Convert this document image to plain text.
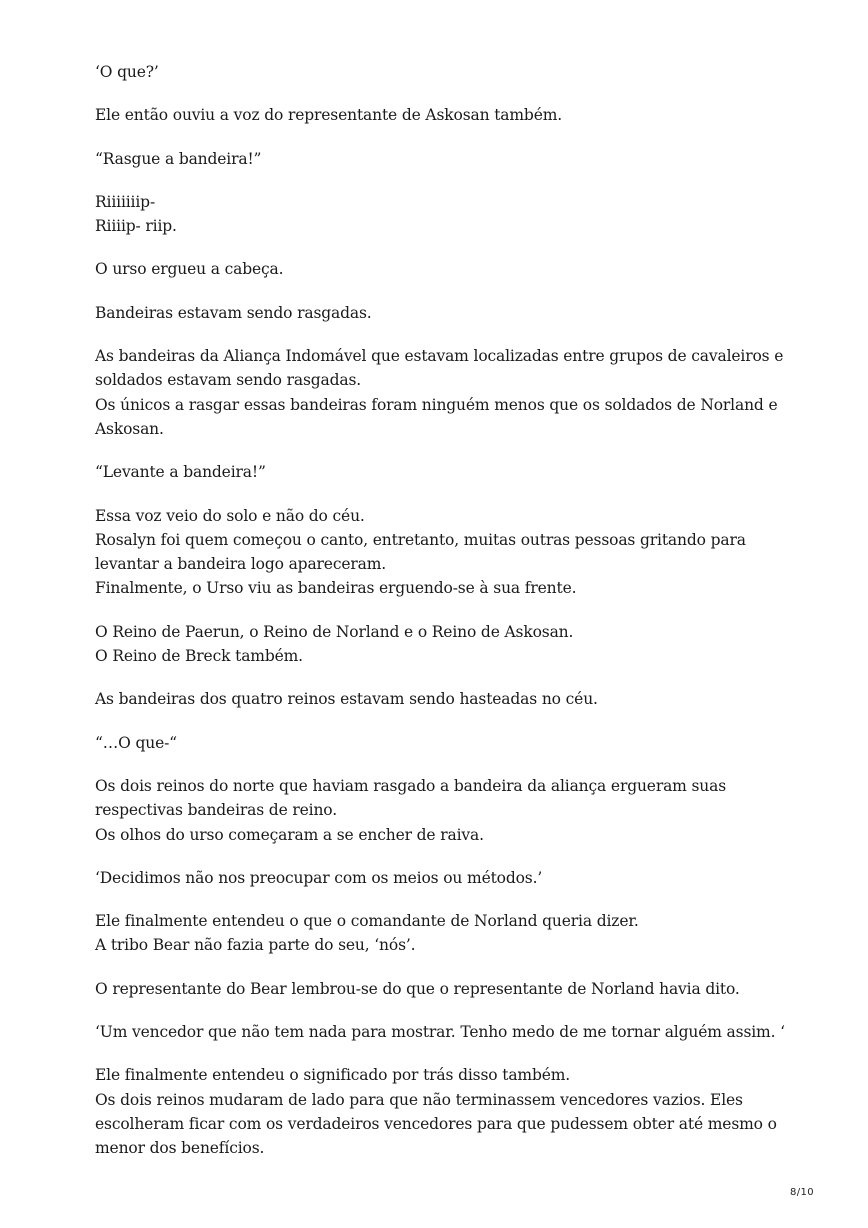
‘O que?’

Ele então ouviu a voz do representante de Askosan também.

“Rasgue a bandeira!”

Riiiiiiip-
Riiiip- riip.

O urso ergueu a cabeça.

Bandeiras estavam sendo rasgadas.

As bandeiras da Aliança Indomável que estavam localizadas entre grupos de cavaleiros e
soldados estavam sendo rasgadas.
Os únicos a rasgar essas bandeiras foram ninguém menos que os soldados de Norland e
Askosan.

“Levante a bandeira!”

Essa voz veio do solo e não do céu.
Rosalyn foi quem começou o canto, entretanto, muitas outras pessoas gritando para
levantar a bandeira logo apareceram.
Finalmente, o Urso viu as bandeiras erguendo-se à sua frente.

O Reino de Paerun, o Reino de Norland e o Reino de Askosan.
O Reino de Breck também.

As bandeiras dos quatro reinos estavam sendo hasteadas no céu.

“…O que-“

Os dois reinos do norte que haviam rasgado a bandeira da aliança ergueram suas
respectivas bandeiras de reino.
Os olhos do urso começaram a se encher de raiva.

‘Decidimos não nos preocupar com os meios ou métodos.’

Ele finalmente entendeu o que o comandante de Norland queria dizer.
A tribo Bear não fazia parte do seu, ‘nós’.

O representante do Bear lembrou-se do que o representante de Norland havia dito.

‘Um vencedor que não tem nada para mostrar. Tenho medo de me tornar alguém assim. ‘

Ele finalmente entendeu o significado por trás disso também.
Os dois reinos mudaram de lado para que não terminassem vencedores vazios. Eles
escolheram ficar com os verdadeiros vencedores para que pudessem obter até mesmo o
menor dos benefícios.

8/10
